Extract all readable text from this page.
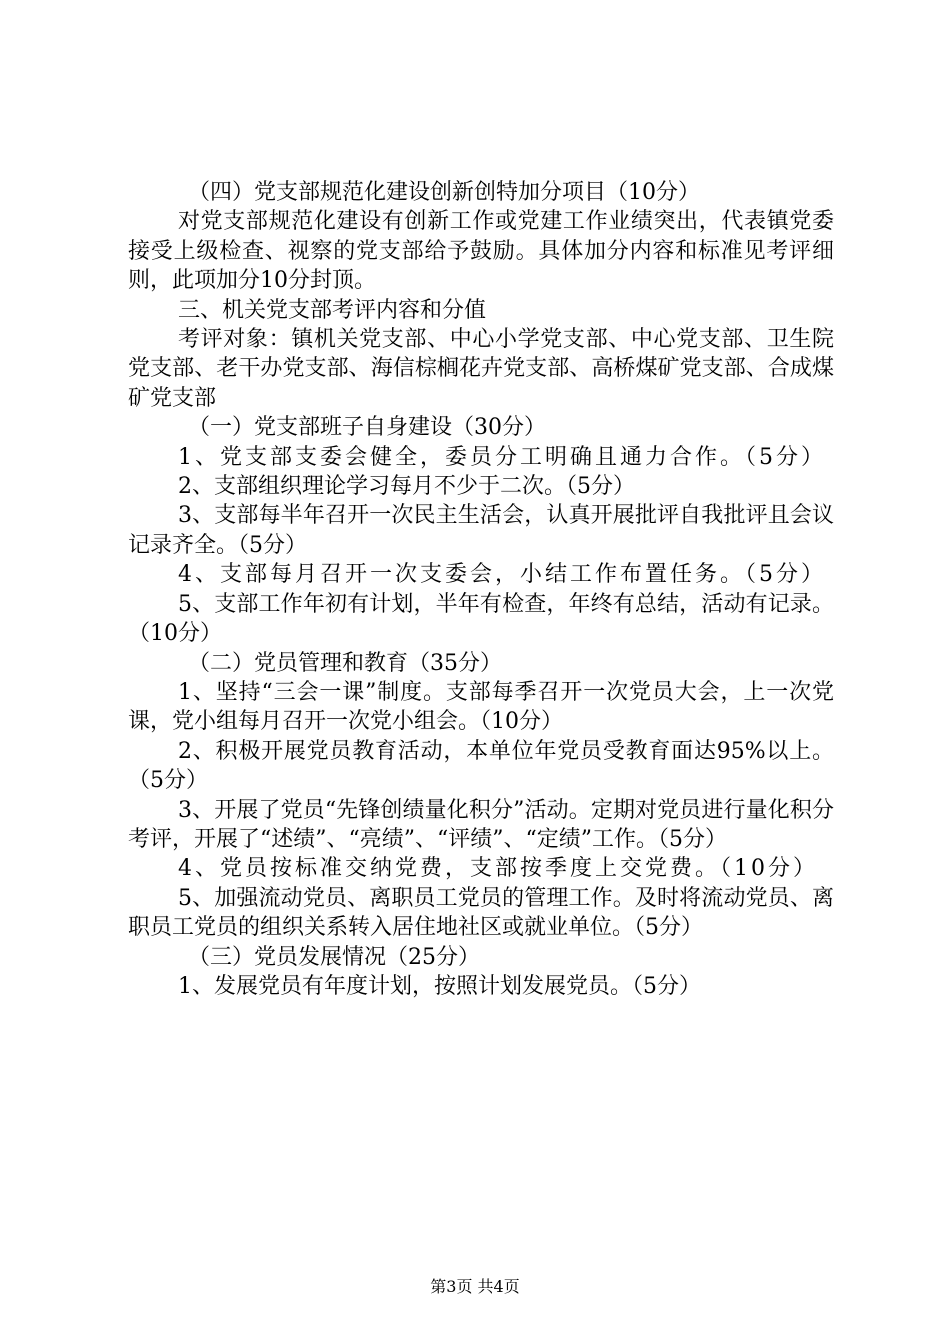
（四）党支部规范化建设创新创特加分项目（10分）

对党支部规范化建设有创新工作或党建工作业绩突出，代表镇党委接受上级检查、视察的党支部给予鼓励。具体加分内容和标准见考评细则，此项加分10分封顶。

三、机关党支部考评内容和分值

考评对象：镇机关党支部、中心小学党支部、中心党支部、卫生院党支部、老干办党支部、海信棕榈花卉党支部、高桥煤矿党支部、合成煤矿党支部

（一）党支部班子自身建设（30分）

1、党支部支委会健全，委员分工明确且通力合作。（5分）

2、支部组织理论学习每月不少于二次。（5分）

3、支部每半年召开一次民主生活会，认真开展批评自我批评且会议记录齐全。（5分）

4、支部每月召开一次支委会，小结工作布置任务。（5分）

5、支部工作年初有计划，半年有检查，年终有总结，活动有记录。（10分）

（二）党员管理和教育（35分）

1、坚持“三会一课”制度。支部每季召开一次党员大会，上一次党课，党小组每月召开一次党小组会。（10分）

2、积极开展党员教育活动，本单位年党员受教育面达95%以上。（5分）

3、开展了党员“先锋创绩量化积分”活动。定期对党员进行量化积分考评，开展了“述绩”、“亮绩”、“评绩”、“定绩”工作。（5分）

4、党员按标准交纳党费，支部按季度上交党费。（10分）

5、加强流动党员、离职员工党员的管理工作。及时将流动党员、离职员工党员的组织关系转入居住地社区或就业单位。（5分）

（三）党员发展情况（25分）

1、发展党员有年度计划，按照计划发展党员。（5分）

第3页 共4页
